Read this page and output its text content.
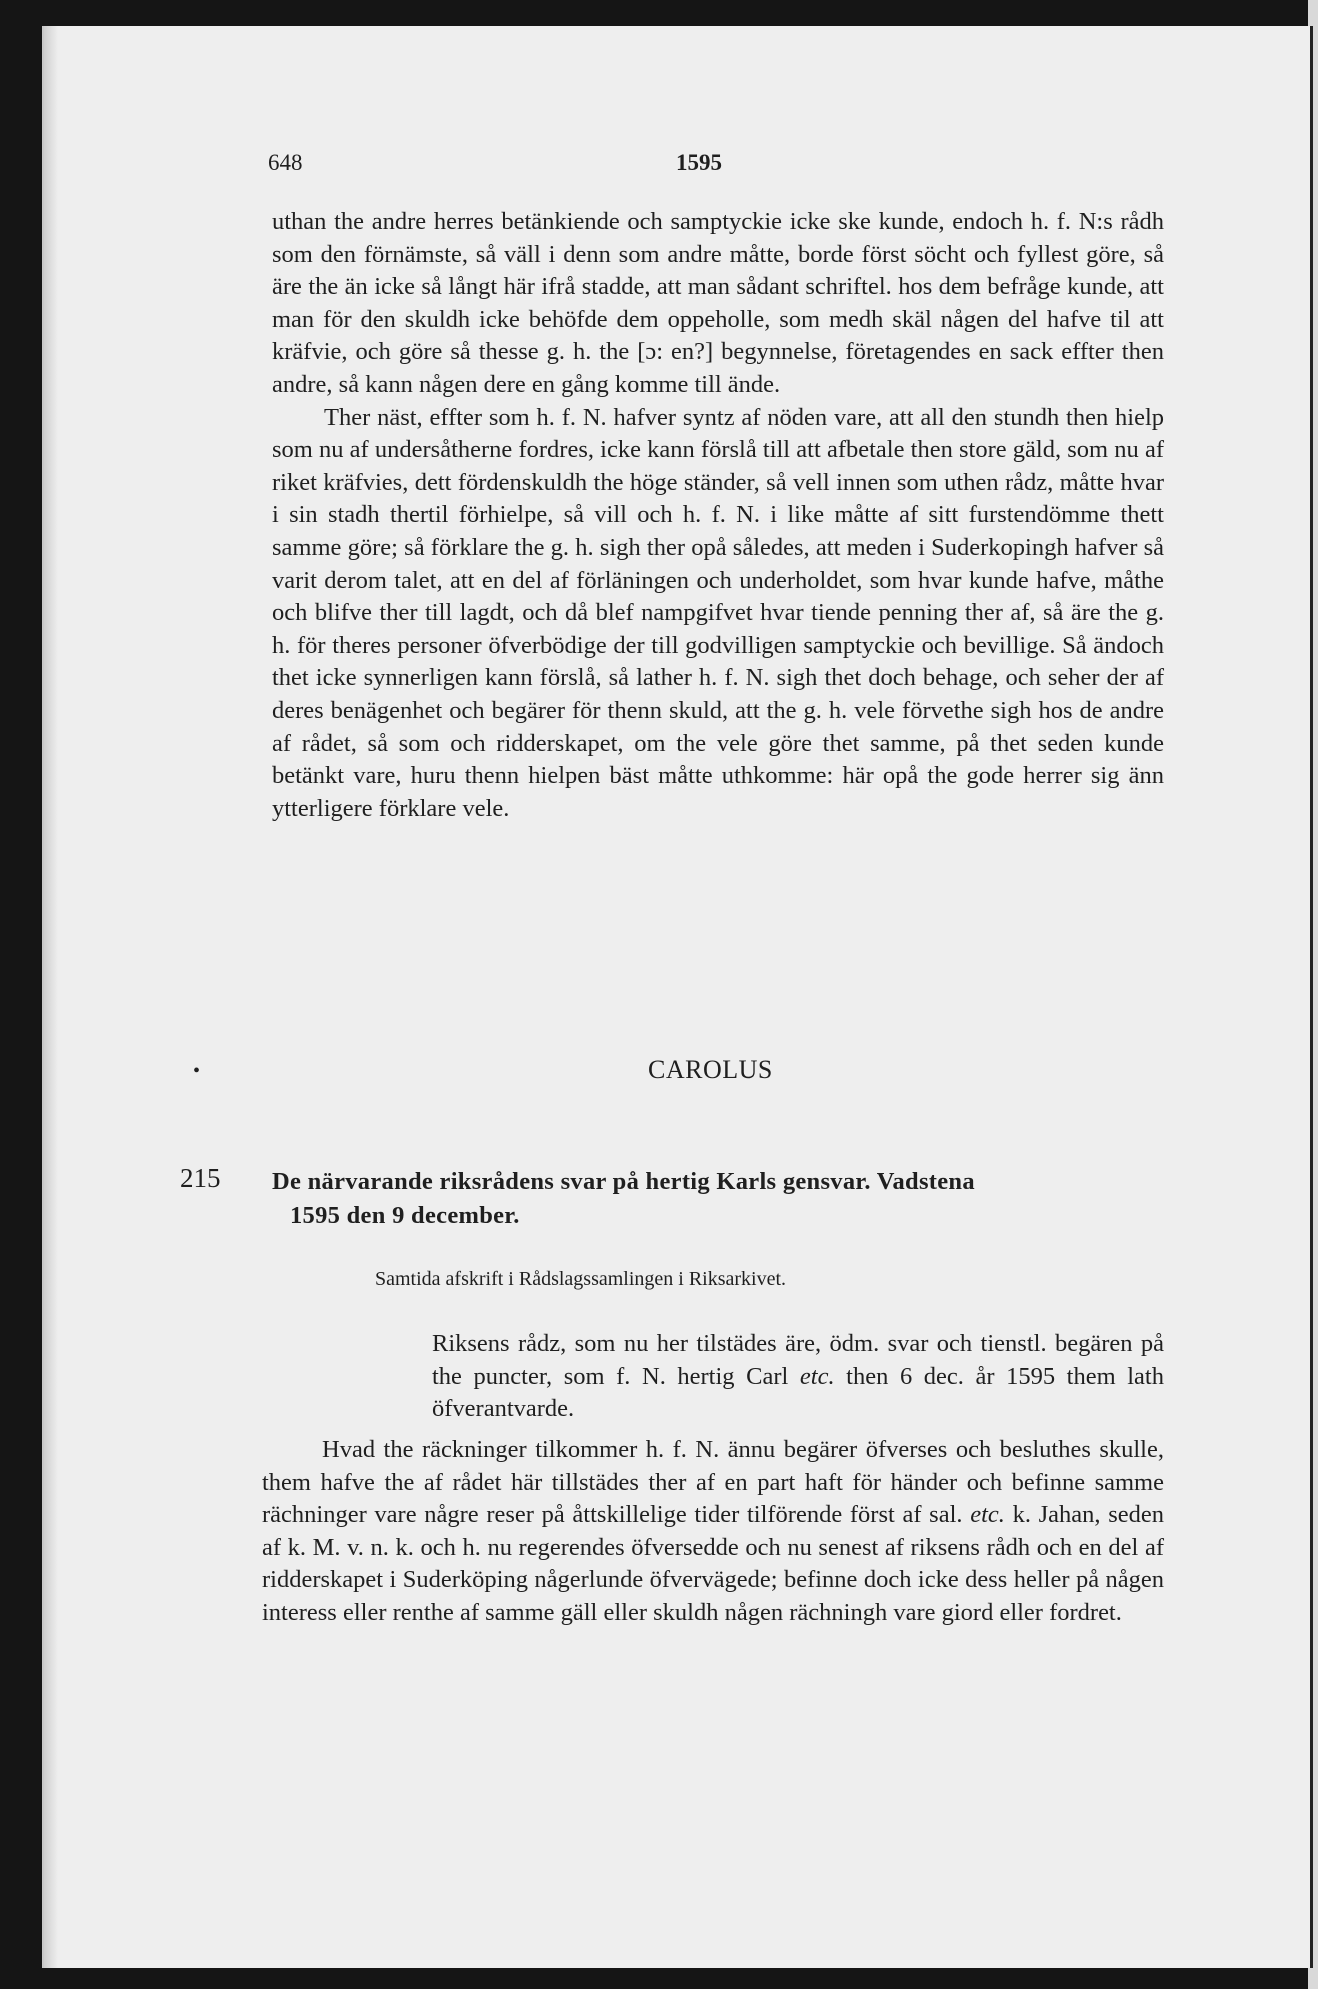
648	1595

uthan the andre herres betänkiende och samptyckie icke ske kunde, endoch h. f. N:s rådh som den förnämste, så väll i denn som andre måtte, borde först söcht och fyllest göre, så äre the än icke så långt här ifrå stadde, att man sådant schriftel. hos dem befråge kunde, att man för den skuldh icke behöfde dem oppeholle, som medh skäl någen del hafve til att kräfvie, och göre så thesse g. h. the [ɔ: en?] begynnelse, företagendes en sack effter then andre, så kann någen dere en gång komme till ände.

Ther näst, effter som h. f. N. hafver syntz af nöden vare, att all den stundh then hielp som nu af undersåtherne fordres, icke kann förslå till att afbetale then store gäld, som nu af riket kräfvies, dett fördenskuldh the höge ständer, så vell innen som uthen rådz, måtte hvar i sin stadh thertil förhielpe, så vill och h. f. N. i like måtte af sitt furstendömme thett samme göre; så förklare the g. h. sigh ther opå således, att meden i Suderkopingh hafver så varit derom talet, att en del af förläningen och underholdet, som hvar kunde hafve, måthe och blifve ther till lagdt, och då blef nampgifvet hvar tiende penning ther af, så äre the g. h. för theres personer öfverbödige der till godvilligen samptyckie och bevillige. Så ändoch thet icke synnerligen kann förslå, så lather h. f. N. sigh thet doch behage, och seher der af deres benägenhet och begärer för thenn skuld, att the g. h. vele förvethe sigh hos de andre af rådet, så som och ridderskapet, om the vele göre thet samme, på thet seden kunde betänkt vare, huru thenn hielpen bäst måtte uthkomme: här opå the gode herrer sig änn ytterligere förklare vele.

•	CAROLUS
215 De närvarande riksrådens svar på hertig Karls gensvar. Vadstena
1595 den 9 december.
Samtida afskrift i Rådslagssamlingen i Riksarkivet.

Riksens rådz, som nu her tilstädes äre, ödm. svar och tienstl. begären på the puncter, som f. N. hertig Carl etc. then 6 dec. år 1595 them lath öfverantvarde.

Hvad the räckninger tilkommer h. f. N. ännu begärer öfverses och besluthes skulle, them hafve the af rådet här tillstädes ther af en part haft för händer och befinne samme rächninger vare någre reser på åttskillelige tider tilförende först af sal. etc. k. Jahan, seden af k. M. v. n. k. och h. nu regerendes öfversedde och nu senest af riksens rådh och en del af ridderskapet i Suderköping någerlunde öfvervägede; befinne doch icke dess heller på någen interess eller renthe af samme gäll eller skuldh någen rächningh vare giord eller fordret.
